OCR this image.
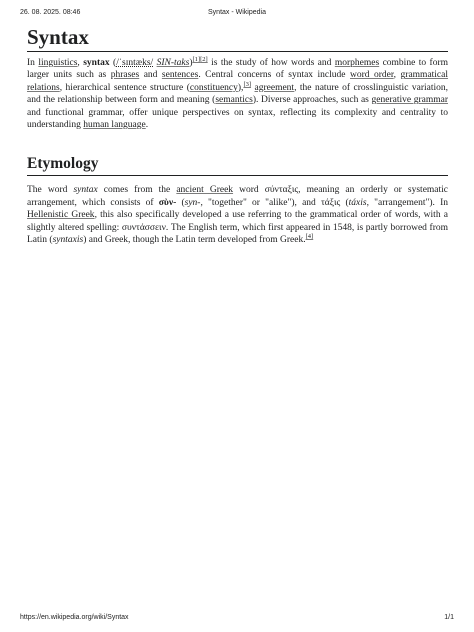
26. 08. 2025. 08:46	Syntax - Wikipedia
Syntax

In linguistics, syntax (/ˈsɪntæks/ SIN-taks)[1][2] is the study of how words and morphemes combine to form larger units such as phrases and sentences. Central concerns of syntax include word order, grammatical relations, hierarchical sentence structure (constituency),[3] agreement, the nature of crosslinguistic variation, and the relationship between form and meaning (semantics). Diverse approaches, such as generative grammar and functional grammar, offer unique perspectives on syntax, reflecting its complexity and centrality to understanding human language.

Etymology

The word syntax comes from the ancient Greek word σύνταξις, meaning an orderly or systematic arrangement, which consists of σὺν- (syn-, "together" or "alike"), and τάξις (táxis, "arrangement"). In Hellenistic Greek, this also specifically developed a use referring to the grammatical order of words, with a slightly altered spelling: συντάσσειν. The English term, which first appeared in 1548, is partly borrowed from Latin (syntaxis) and Greek, though the Latin term developed from Greek.[4]

https://en.wikipedia.org/wiki/Syntax	1/1
